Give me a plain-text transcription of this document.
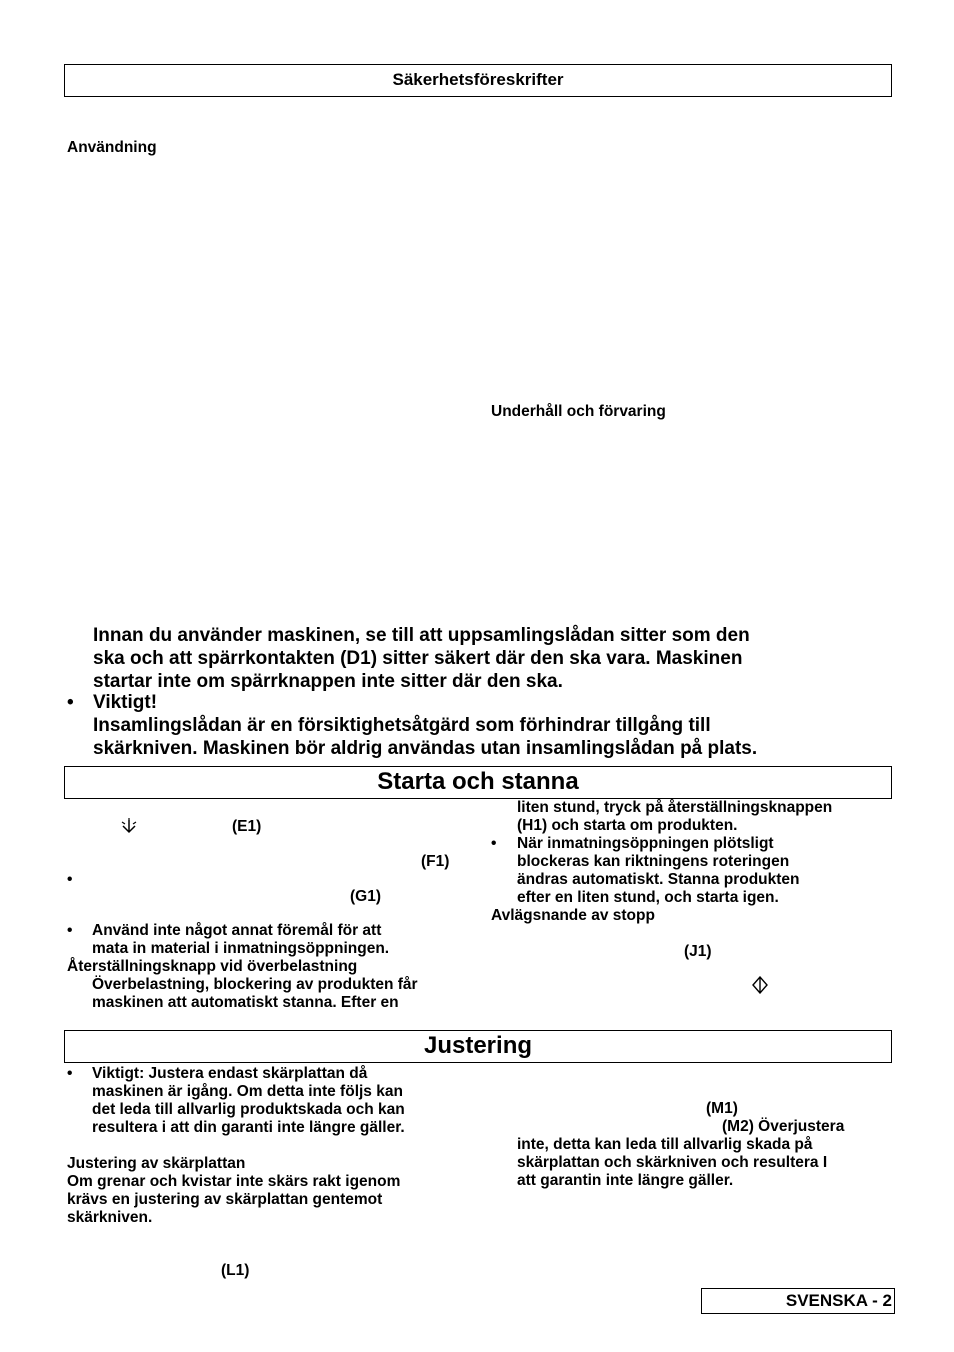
Säkerhetsföreskrifter
Användning
Underhåll och förvaring
Innan du använder maskinen, se till att uppsamlingslådan sitter som den
ska och att spärrkontakten (D1) sitter säkert där den ska vara. Maskinen
startar inte om spärrknappen inte sitter där den ska.
• Viktigt!
Insamlingslådan är en försiktighetsåtgärd som förhindrar tillgång till
skärkniven. Maskinen bör aldrig användas utan insamlingslådan på plats.
Starta och stanna
(E1)
(F1)
•
(G1)
• Använd inte något annat föremål för att
mata in material i inmatningsöppningen.
Återställningsknapp vid överbelastning
Överbelastning, blockering av produkten får
maskinen att automatiskt stanna. Efter en
liten stund, tryck på återställningsknappen
(H1) och starta om produkten.
• När inmatningsöppningen plötsligt
blockeras kan riktningens roteringen
ändras automatiskt. Stanna produkten
efter en liten stund, och starta igen.
Avlägsnande av stopp
(J1)
Justering
• Viktigt: Justera endast skärplattan då
maskinen är igång. Om detta inte följs kan
det leda till allvarlig produktskada och kan
resultera i att din garanti inte längre gäller.
Justering av skärplattan
Om grenar och kvistar inte skärs rakt igenom
krävs en justering av skärplattan gentemot
skärkniven.
(L1)
(M1)
(M2) Överjustera
inte, detta kan leda till allvarlig skada på
skärplattan och skärkniven och resultera I
att garantin inte längre gäller.
SVENSKA - 2
